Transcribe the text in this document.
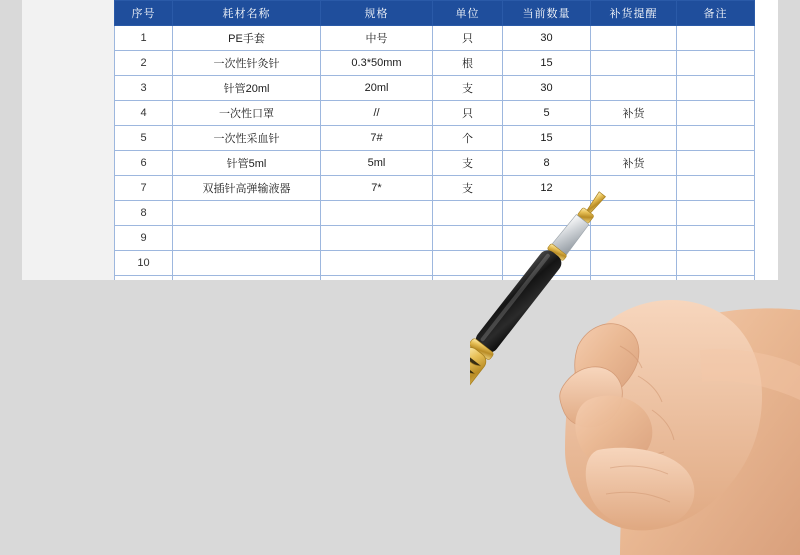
序号	耗材名称	规格	单位	当前数量	补货提醒	备注
1	PE手套	中号	只	30		
2	一次性针灸针	0.3*50mm	根	15		
3	针管20ml	20ml	支	30		
4	一次性口罩	//	只	5	补货	
5	一次性采血针	7#	个	15		
6	针管5ml	5ml	支	8	补货	
7	双插针高弹输液器	7*	支	12		
8						
9						
10						
